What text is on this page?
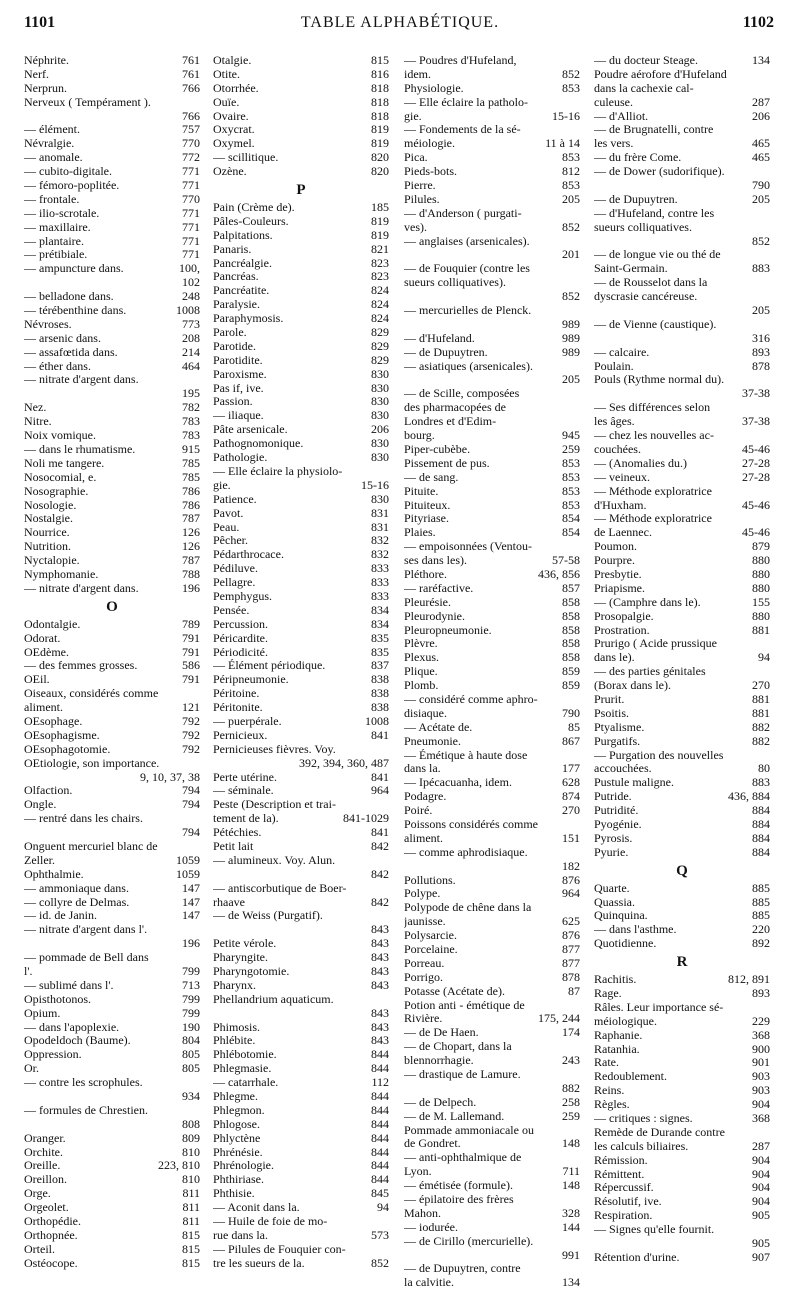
1101	TABLE ALPHABÉTIQUE.	1102
Néphrite.	761
Nerf.	761
Nerprun.	766
Nerveux ( Tempérament ).
766
— élément.	757
Névralgie.	770
— anomale.	772
— cubito-digitale.	771
— fémoro-poplitée.	771
— frontale.	770
— ilio-scrotale.	771
— maxillaire.	771
— plantaire.	771
— prétibiale.	771
— ampuncture dans.	100,
102
— belladone dans.	248
— térébenthine dans.	1008
Névroses.	773
— arsenic dans.	208
— assafœtida dans.	214
— éther dans.	464
— nitrate d'argent dans.
195
Nez.	782
Nitre.	783
Noix vomique.	783
— dans le rhumatisme.	915
Noli me tangere.	785
Nosocomial, e.	785
Nosographie.	786
Nosologie.	786
Nostalgie.	787
Nourrice.	126
Nutrition.	126
Nyctalopie.	787
Nymphomanie.	788
— nitrate d'argent dans.	196
O
Odontalgie.	789
Odorat.	791
OEdème.	791
— des femmes grosses.	586
OEil.	791
Oiseaux, considérés comme
aliment.	121
OEsophage.	792
OEsophagisme.	792
OEsophagotomie.	792
OEtiologie, son importance.
9, 10, 37, 38
Olfaction.	794
Ongle.	794
— rentré dans les chairs.
794
Onguent mercuriel blanc de
Zeller.	1059
Ophthalmie.	1059
— ammoniaque dans.	147
— collyre de Delmas.	147
— id. de Janin.	147
— nitrate d'argent dans l'.
196
— pommade de Bell dans
l'.	799
— sublimé dans l'.	713
Opisthotonos.	799
Opium.	799
— dans l'apoplexie.	190
Opodeldoch (Baume).	804
Oppression.	805
Or.	805
— contre les scrophules.
934
— formules de Chrestien.
808
Oranger.	809
Orchite.	810
Oreille.	223, 810
Oreillon.	810
Orge.	811
Orgeolet.	811
Orthopédie.	811
Orthopnée.	815
Orteil.	815
Ostéocope.	815
Otalgie.	815
Otite.	816
Otorrhée.	818
Ouïe.	818
Ovaire.	818
Oxycrat.	819
Oxymel.	819
— scillitique.	820
Ozène.	820
P
Pain (Crème de).	185
Pâles-Couleurs.	819
Palpitations.	819
Panaris.	821
Pancréalgie.	823
Pancréas.	823
Pancréatite.	824
Paralysie.	824
Paraphymosis.	824
Parole.	829
Parotide.	829
Parotidite.	829
Paroxisme.	830
Pas if, ive.	830
Passion.	830
— iliaque.	830
Pâte arsenicale.	206
Pathognomonique.	830
Pathologie.	830
— Elle éclaire la physiolo-
gie.	15-16
Patience.	830
Pavot.	831
Peau.	831
Pêcher.	832
Pédarthrocace.	832
Pédiluve.	833
Pellagre.	833
Pemphygus.	833
Pensée.	834
Percussion.	834
Péricardite.	835
Périodicité.	835
— Élément périodique.	837
Péripneumonie.	838
Péritoine.	838
Péritonite.	838
— puerpérale.	1008
Pernicieux.	841
Pernicieuses fièvres. Voy.
392, 394, 360, 487
Perte utérine.	841
— séminale.	964
Peste (Description et trai-
tement de la).	841-1029
Pétéchies.	841
Petit lait	842
— alumineux. Voy. Alun.
842
— antiscorbutique de Boer-
rhaave	842
— de Weiss (Purgatif).
843
Petite vérole.	843
Pharyngite.	843
Pharyngotomie.	843
Pharynx.	843
Phellandrium aquaticum.
843
Phimosis.	843
Phlébite.	843
Phlébotomie.	844
Phlegmasie.	844
— catarrhale.	112
Phlegme.	844
Phlegmon.	844
Phlogose.	844
Phlyctène	844
Phrénésie.	844
Phrénologie.	844
Phthiriase.	844
Phthisie.	845
— Aconit dans la.	94
— Huile de foie de mo-
rue dans la.	573
— Pilules de Fouquier con-
tre les sueurs de la.	852
— Poudres d'Hufeland,
idem.	852
Physiologie.	853
— Elle éclaire la patholo-
gie.	15-16
— Fondements de la sé-
méiologie.	11 à 14
Pica.	853
Pieds-bots.	812
Pierre.	853
Pilules.	205
— d'Anderson ( purgati-
ves).	852
— anglaises (arsenicales).
201
— de Fouquier (contre les
sueurs colliquatives).
852
— mercurielles de Plenck.
989
— d'Hufeland.	989
— de Dupuytren.	989
— asiatiques (arsenicales).
205
— de Scille, composées
des pharmacopées de
Londres et d'Edim-
bourg.	945
Piper-cubèbe.	259
Pissement de pus.	853
— de sang.	853
Pituite.	853
Pituiteux.	853
Pityriase.	854
Plaies.	854
— empoisonnées (Ventou-
ses dans les).	57-58
Pléthore.	436, 856
— raréfactive.	857
Pleurésie.	858
Pleurodynie.	858
Pleuropneumonie.	858
Plèvre.	858
Plexus.	858
Plique.	859
Plomb.	859
— considéré comme aphro-
disiaque.	790
— Acétate de.	85
Pneumonie.	867
— Émétique à haute dose
dans la.	177
— Ipécacuanha, idem.	628
Podagre.	874
Poiré.	270
Poissons considérés comme
aliment.	151
— comme aphrodisiaque.
182
Pollutions.	876
Polype.	964
Polypode de chêne dans la
jaunisse.	625
Polysarcie.	876
Porcelaine.	877
Porreau.	877
Porrigo.	878
Potasse (Acétate de).	87
Potion anti - émétique de
Rivière.	175, 244
— de De Haen.	174
— de Chopart, dans la
blennorrhagie.	243
— drastique de Lamure.
882
— de Delpech.	258
— de M. Lallemand.	259
Pommade ammoniacale ou
de Gondret.	148
— anti-ophthalmique de
Lyon.	711
— émétisée (formule).	148
— épilatoire des frères
Mahon.	328
— iodurée.	144
— de Cirillo (mercurielle).
991
— de Dupuytren, contre
la calvitie.	134
— du docteur Steage.	134
Poudre aérofore d'Hufeland
dans la cachexie cal-
culeuse.	287
— d'Alliot.	206
— de Brugnatelli, contre
les vers.	465
— du frère Come.	465
— de Dower (sudorifique).
790
— de Dupuytren.	205
— d'Hufeland, contre les
sueurs colliquatives.
852
— de longue vie ou thé de
Saint-Germain.	883
— de Rousselot dans la
dyscrasie cancéreuse.
205
— de Vienne (caustique).
316
— calcaire.	893
Poulain.	878
Pouls (Rythme normal du).
37-38
— Ses différences selon
les âges.	37-38
— chez les nouvelles ac-
couchées.	45-46
— (Anomalies du.)	27-28
— veineux.	27-28
— Méthode exploratrice
d'Huxham.	45-46
— Méthode exploratrice
de Laennec.	45-46
Poumon.	879
Pourpre.	880
Presbytie.	880
Priapisme.	880
— (Camphre dans le).	155
Prosopalgie.	880
Prostration.	881
Prurigo ( Acide prussique
dans le).	94
— des parties génitales
(Borax dans le).	270
Prurit.	881
Psoitis.	881
Ptyalisme.	882
Purgatifs.	882
— Purgation des nouvelles
accouchées.	80
Pustule maligne.	883
Putride.	436, 884
Putridité.	884
Pyogénie.	884
Pyrosis.	884
Pyurie.	884
Q
Quarte.	885
Quassia.	885
Quinquina.	885
— dans l'asthme.	220
Quotidienne.	892
R
Rachitis.	812, 891
Rage.	893
Râles. Leur importance sé-
méiologique.	229
Raphanie.	368
Ratanhia.	900
Rate.	901
Redoublement.	903
Reins.	903
Règles.	904
— critiques : signes.	368
Remède de Durande contre
les calculs biliaires.	287
Rémission.	904
Rémittent.	904
Répercussif.	904
Résolutif, ive.	904
Respiration.	905
— Signes qu'elle fournit.
905
Rétention d'urine.	907
